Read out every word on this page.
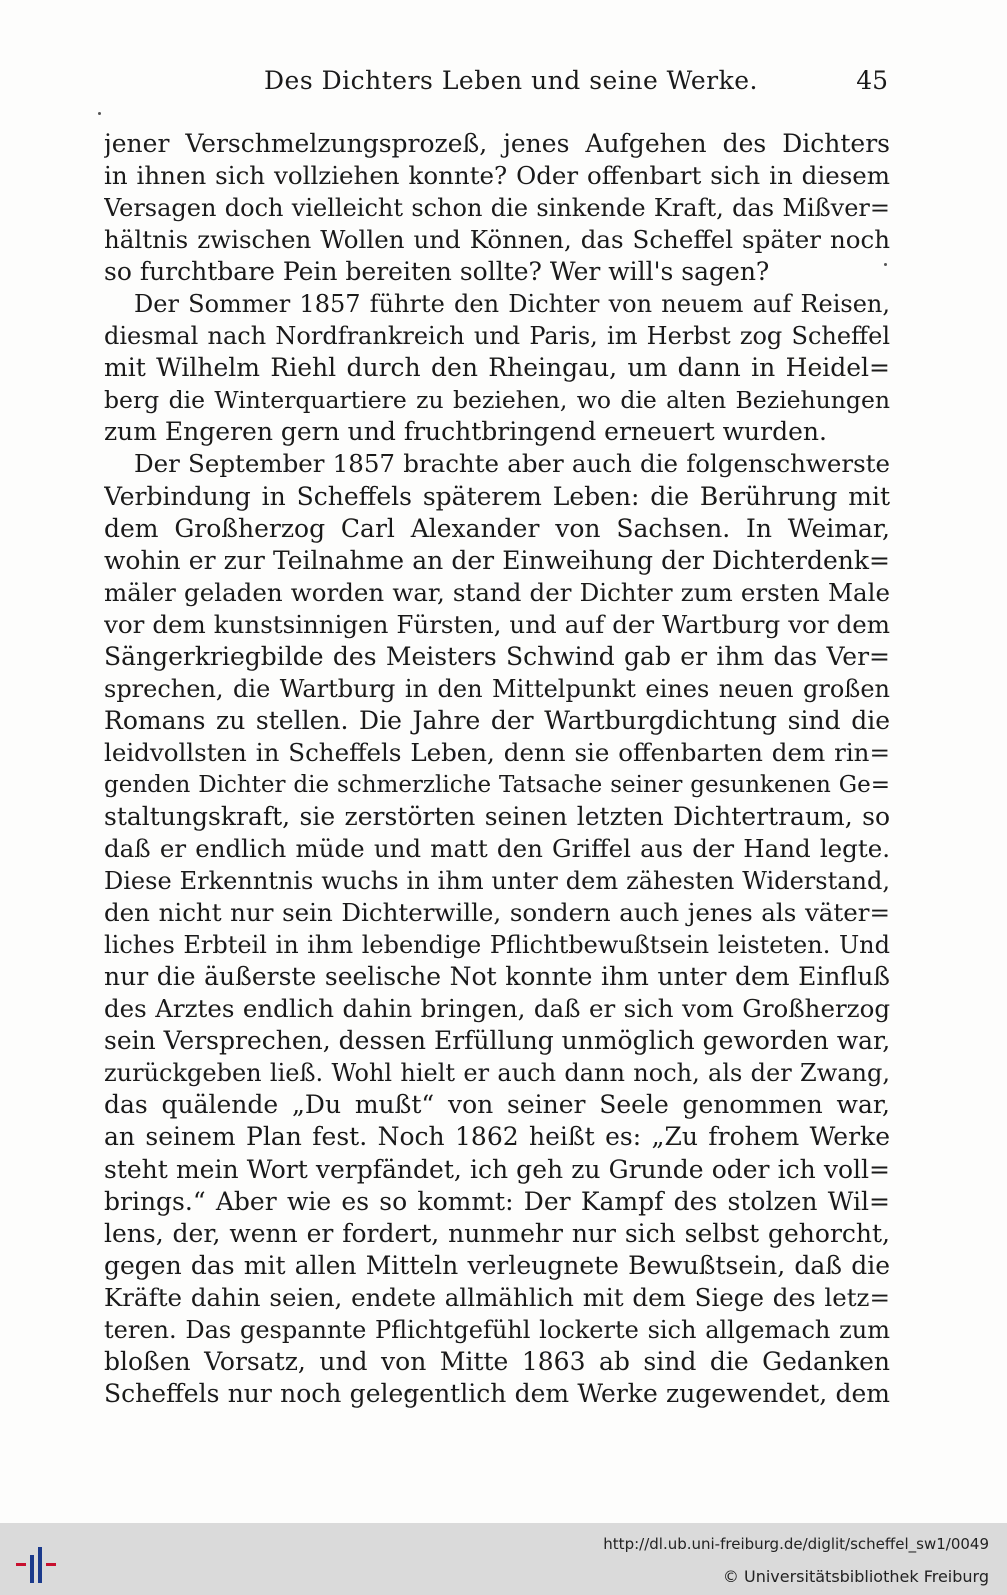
Des Dichters Leben und seine Werke.	45
jener Verschmelzungsprozeß, jenes Aufgehen des Dichters
in ihnen sich vollziehen konnte? Oder offenbart sich in diesem
Versagen doch vielleicht schon die sinkende Kraft, das Mißver=
hältnis zwischen Wollen und Können, das Scheffel später noch
so furchtbare Pein bereiten sollte? Wer will's sagen?
Der Sommer 1857 führte den Dichter von neuem auf Reisen,
diesmal nach Nordfrankreich und Paris, im Herbst zog Scheffel
mit Wilhelm Riehl durch den Rheingau, um dann in Heidel=
berg die Winterquartiere zu beziehen, wo die alten Beziehungen
zum Engeren gern und fruchtbringend erneuert wurden.
Der September 1857 brachte aber auch die folgenschwerste
Verbindung in Scheffels späterem Leben: die Berührung mit
dem Großherzog Carl Alexander von Sachsen. In Weimar,
wohin er zur Teilnahme an der Einweihung der Dichterdenk=
mäler geladen worden war, stand der Dichter zum ersten Male
vor dem kunstsinnigen Fürsten, und auf der Wartburg vor dem
Sängerkriegbilde des Meisters Schwind gab er ihm das Ver=
sprechen, die Wartburg in den Mittelpunkt eines neuen großen
Romans zu stellen. Die Jahre der Wartburgdichtung sind die
leidvollsten in Scheffels Leben, denn sie offenbarten dem rin=
genden Dichter die schmerzliche Tatsache seiner gesunkenen Ge=
staltungskraft, sie zerstörten seinen letzten Dichtertraum, so
daß er endlich müde und matt den Griffel aus der Hand legte.
Diese Erkenntnis wuchs in ihm unter dem zähesten Widerstand,
den nicht nur sein Dichterwille, sondern auch jenes als väter=
liches Erbteil in ihm lebendige Pflichtbewußtsein leisteten. Und
nur die äußerste seelische Not konnte ihm unter dem Einfluß
des Arztes endlich dahin bringen, daß er sich vom Großherzog
sein Versprechen, dessen Erfüllung unmöglich geworden war,
zurückgeben ließ. Wohl hielt er auch dann noch, als der Zwang,
das quälende „Du mußt“ von seiner Seele genommen war,
an seinem Plan fest. Noch 1862 heißt es: „Zu frohem Werke
steht mein Wort verpfändet, ich geh zu Grunde oder ich voll=
brings.“ Aber wie es so kommt: Der Kampf des stolzen Wil=
lens, der, wenn er fordert, nunmehr nur sich selbst gehorcht,
gegen das mit allen Mitteln verleugnete Bewußtsein, daß die
Kräfte dahin seien, endete allmählich mit dem Siege des letz=
teren. Das gespannte Pflichtgefühl lockerte sich allgemach zum
bloßen Vorsatz, und von Mitte 1863 ab sind die Gedanken
Scheffels nur noch gelegentlich dem Werke zugewendet, dem
http://dl.ub.uni-freiburg.de/diglit/scheffel_sw1/0049
© Universitätsbibliothek Freiburg
